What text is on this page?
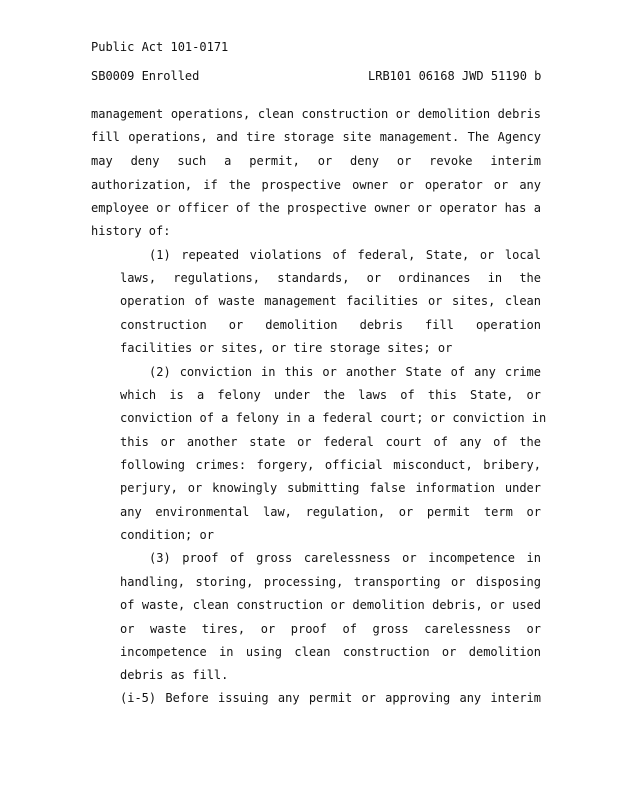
Public Act 101-0171
SB0009 Enrolled	LRB101 06168 JWD 51190 b
management operations, clean construction or demolition debris
fill operations, and tire storage site management. The Agency
may deny such a permit, or deny or revoke interim
authorization, if the prospective owner or operator or any
employee or officer of the prospective owner or operator has a
history of:
(1) repeated violations of federal, State, or local
laws, regulations, standards, or ordinances in the
operation of waste management facilities or sites, clean
construction or demolition debris fill operation
facilities or sites, or tire storage sites; or
(2) conviction in this or another State of any crime
which is a felony under the laws of this State, or
conviction of a felony in a federal court; or conviction in
this or another state or federal court of any of the
following crimes: forgery, official misconduct, bribery,
perjury, or knowingly submitting false information under
any environmental law, regulation, or permit term or
condition; or
(3) proof of gross carelessness or incompetence in
handling, storing, processing, transporting or disposing
of waste, clean construction or demolition debris, or used
or waste tires, or proof of gross carelessness or
incompetence in using clean construction or demolition
debris as fill.
(i-5) Before issuing any permit or approving any interim
